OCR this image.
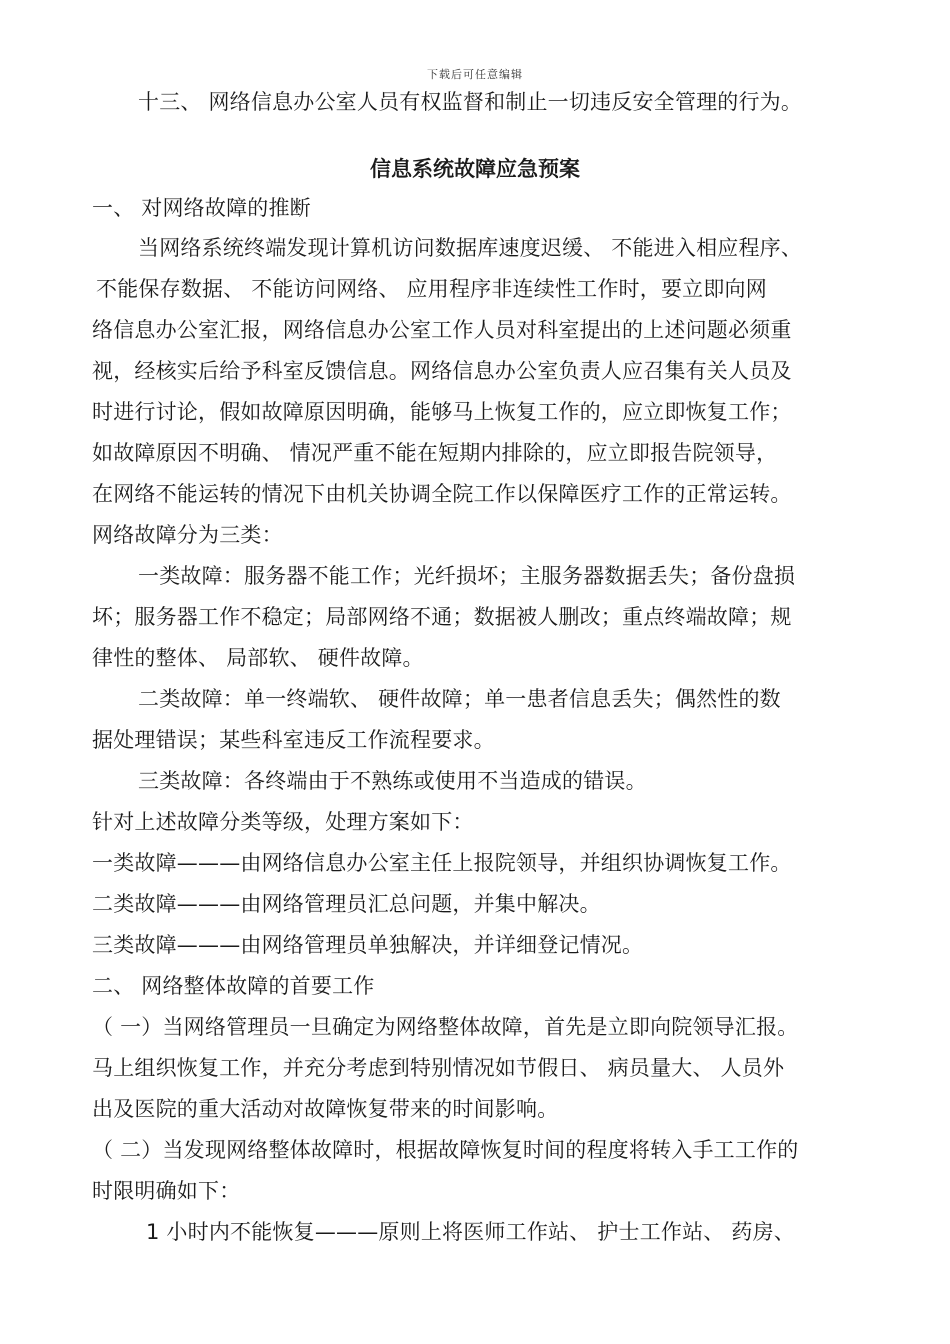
下载后可任意编辑
十三、 网络信息办公室人员有权监督和制止一切违反安全管理的行为。
信息系统故障应急预案
一、 对网络故障的推断
当网络系统终端发现计算机访问数据库速度迟缓、 不能进入相应程序、
不能保存数据、 不能访问网络、 应用程序非连续性工作时，要立即向网
络信息办公室汇报，网络信息办公室工作人员对科室提出的上述问题必须重
视，经核实后给予科室反馈信息。网络信息办公室负责人应召集有关人员及
时进行讨论，假如故障原因明确，能够马上恢复工作的，应立即恢复工作；
如故障原因不明确、 情况严重不能在短期内排除的，应立即报告院领导，
在网络不能运转的情况下由机关协调全院工作以保障医疗工作的正常运转。
网络故障分为三类：
一类故障：服务器不能工作；光纤损坏；主服务器数据丢失；备份盘损
坏；服务器工作不稳定；局部网络不通；数据被人删改；重点终端故障；规
律性的整体、 局部软、 硬件故障。
二类故障：单一终端软、 硬件故障；单一患者信息丢失；偶然性的数
据处理错误；某些科室违反工作流程要求。
三类故障：各终端由于不熟练或使用不当造成的错误。
针对上述故障分类等级，处理方案如下：
一类故障———由网络信息办公室主任上报院领导，并组织协调恢复工作。
二类故障———由网络管理员汇总问题，并集中解决。
三类故障———由网络管理员单独解决，并详细登记情况。
二、 网络整体故障的首要工作
（ 一）当网络管理员一旦确定为网络整体故障，首先是立即向院领导汇报。
马上组织恢复工作，并充分考虑到特别情况如节假日、 病员量大、 人员外
出及医院的重大活动对故障恢复带来的时间影响。
（ 二）当发现网络整体故障时，根据故障恢复时间的程度将转入手工工作的
时限明确如下：
1 小时内不能恢复———原则上将医师工作站、 护士工作站、 药房、
